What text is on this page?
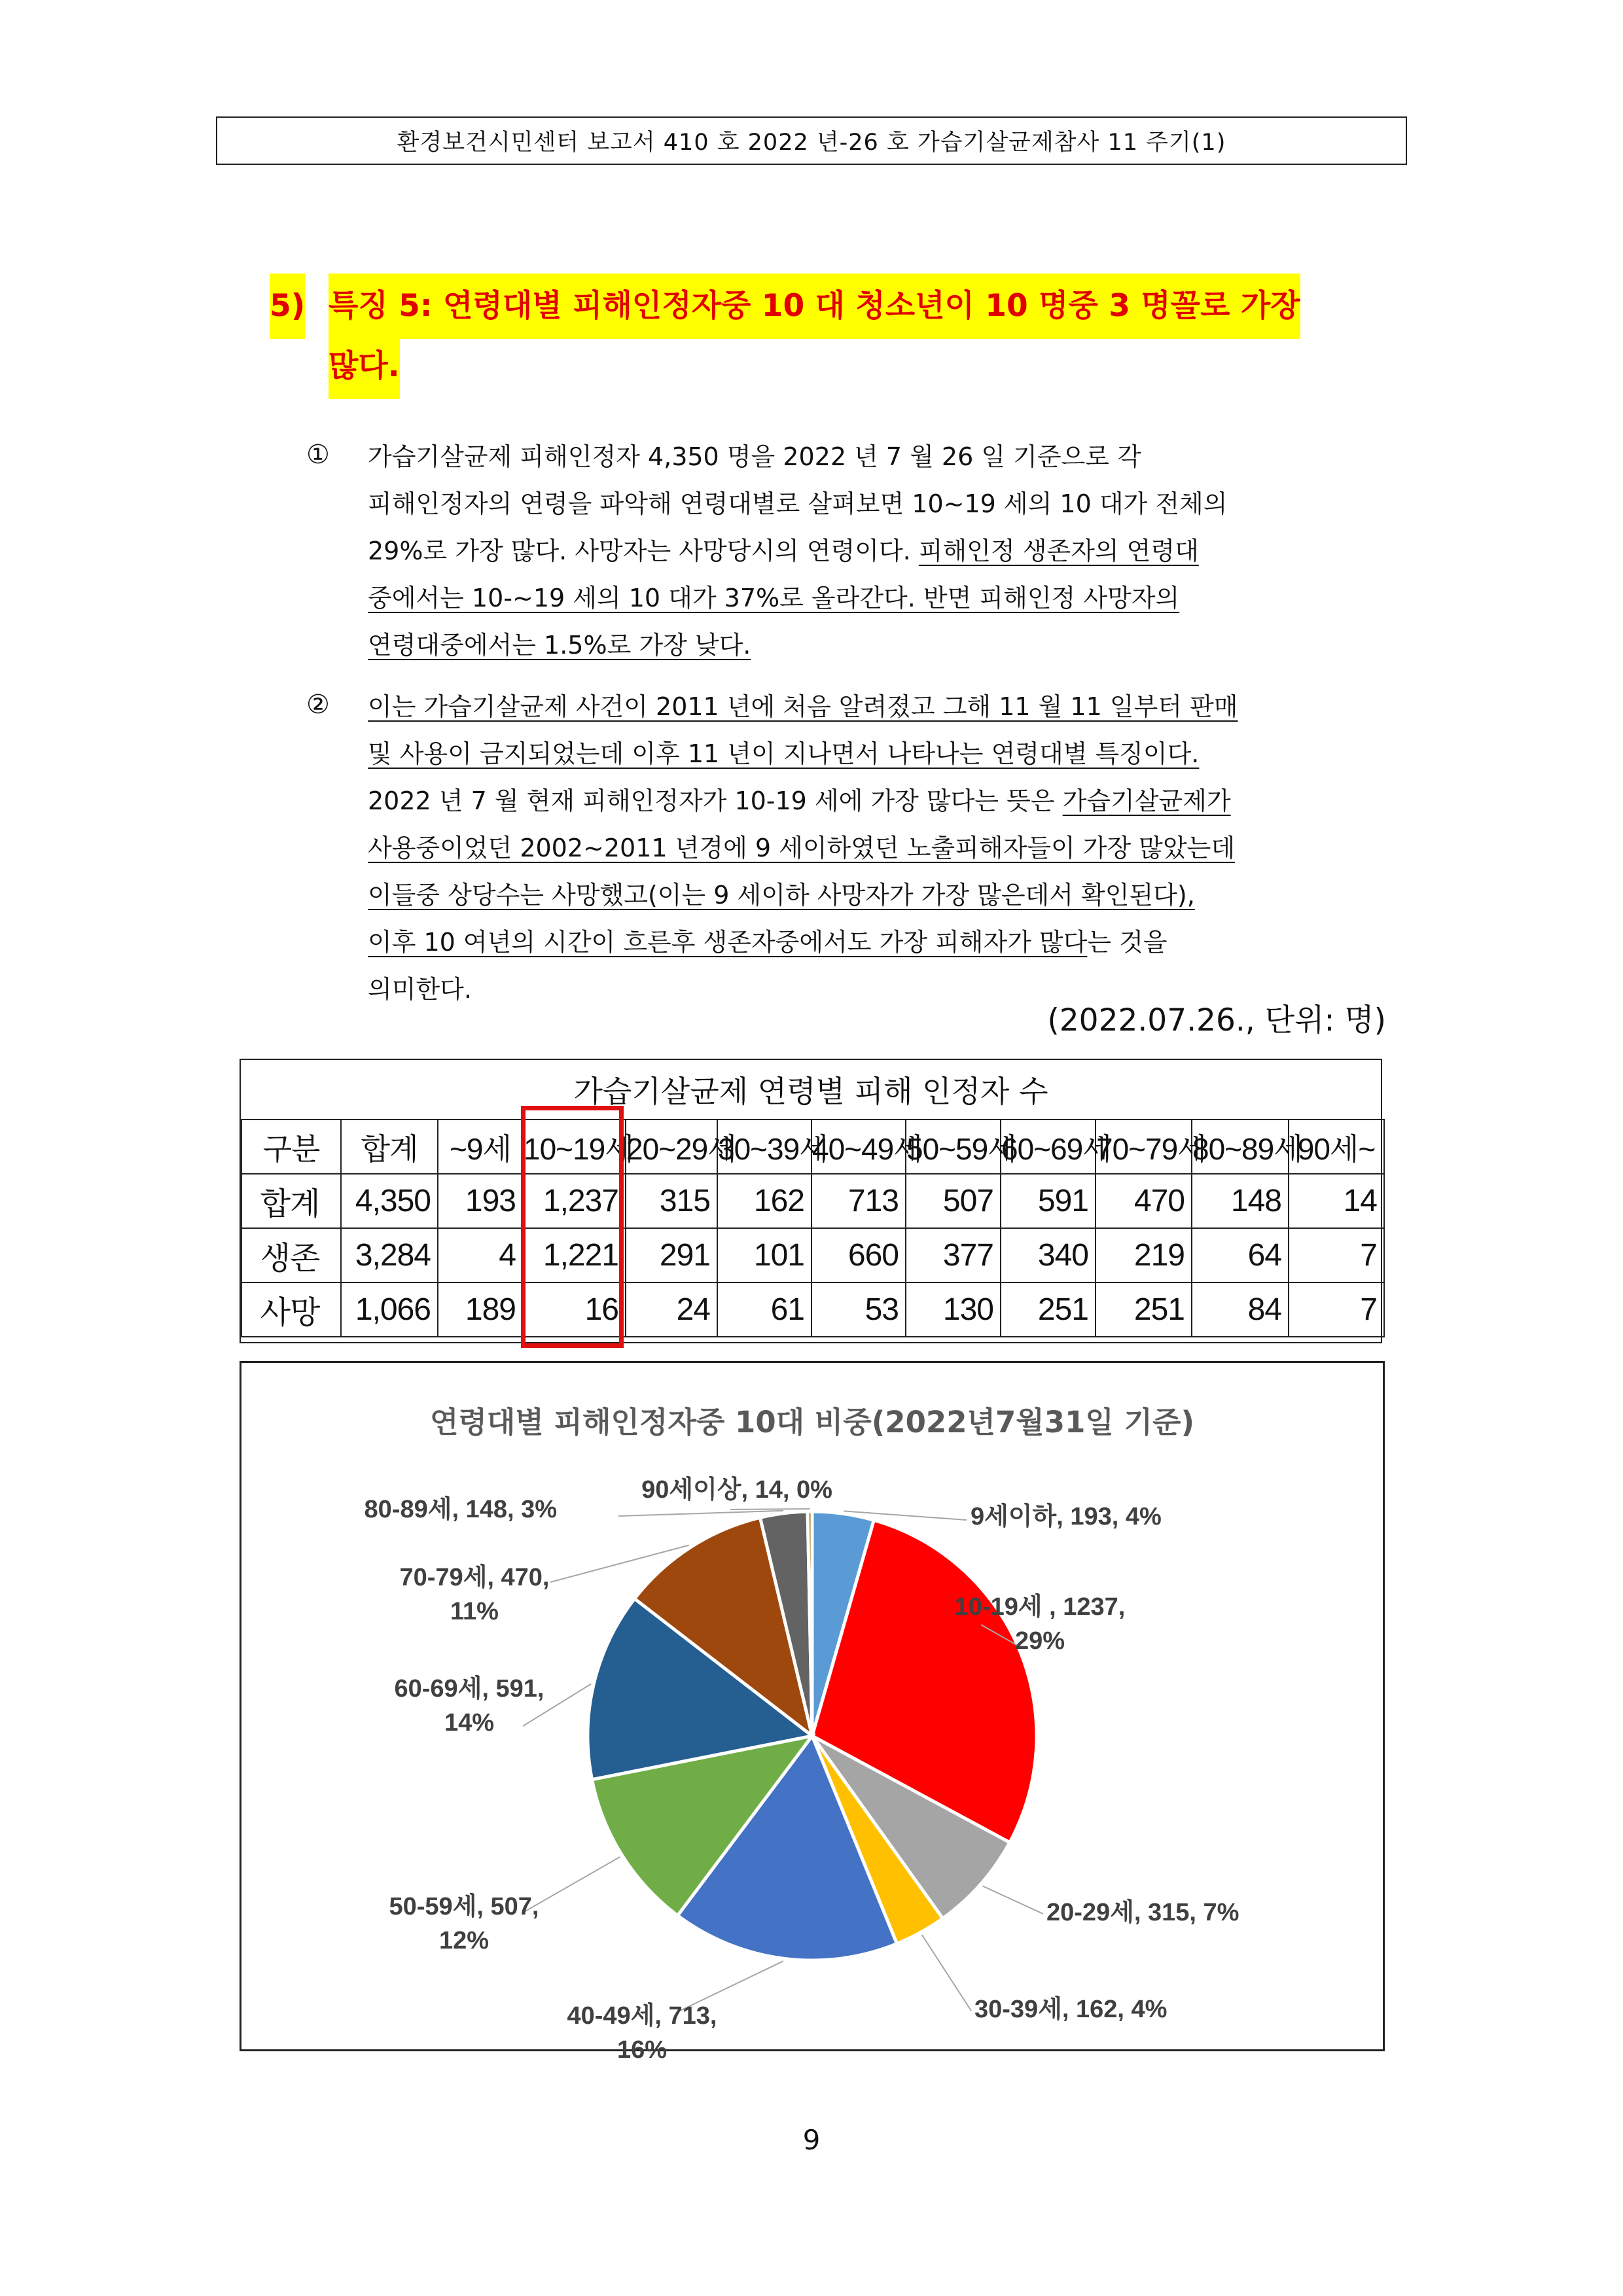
환경보건시민센터 보고서 410 호 2022 년-26 호 가습기살균제참사 11 주기(1)
5) 특징 5: 연령대별 피해인정자중 10 대 청소년이 10 명중 3 명꼴로 가장
많다.
① 가습기살균제 피해인정자 4,350 명을 2022 년 7 월 26 일 기준으로 각
피해인정자의 연령을 파악해 연령대별로 살펴보면 10~19 세의 10 대가 전체의
29%로 가장 많다. 사망자는 사망당시의 연령이다. 피해인정 생존자의 연령대
중에서는 10-~19 세의 10 대가 37%로 올라간다. 반면 피해인정 사망자의
연령대중에서는 1.5%로 가장 낮다.
② 이는 가습기살균제 사건이 2011 년에 처음 알려졌고 그해 11 월 11 일부터 판매
및 사용이 금지되었는데 이후 11 년이 지나면서 나타나는 연령대별 특징이다.
2022 년 7 월 현재 피해인정자가 10-19 세에 가장 많다는 뜻은 가습기살균제가
사용중이었던 2002~2011 년경에 9 세이하였던 노출피해자들이 가장 많았는데
이들중 상당수는 사망했고(이는 9 세이하 사망자가 가장 많은데서 확인된다),
이후 10 여년의 시간이 흐른후 생존자중에서도 가장 피해자가 많다는 것을
의미한다.
(2022.07.26., 단위: 명)
가습기살균제 연령별 피해 인정자 수
구분	합계	~9세	10~19세	20~29세	30~39세	40~49세	50~59세	60~69세	70~79세	80~89세	90세~
합계	4,350	193	1,237	315	162	713	507	591	470	148	14
생존	3,284	4	1,221	291	101	660	377	340	219	64	7
사망	1,066	189	16	24	61	53	130	251	251	84	7
연령대별 피해인정자중 10대 비중(2022년7월31일 기준)
9세이하, 193, 4%
10-19세 , 1237, 29%
20-29세, 315, 7%
30-39세, 162, 4%
40-49세, 713, 16%
50-59세, 507, 12%
60-69세, 591, 14%
70-79세, 470, 11%
80-89세, 148, 3%
90세이상, 14, 0%
9
